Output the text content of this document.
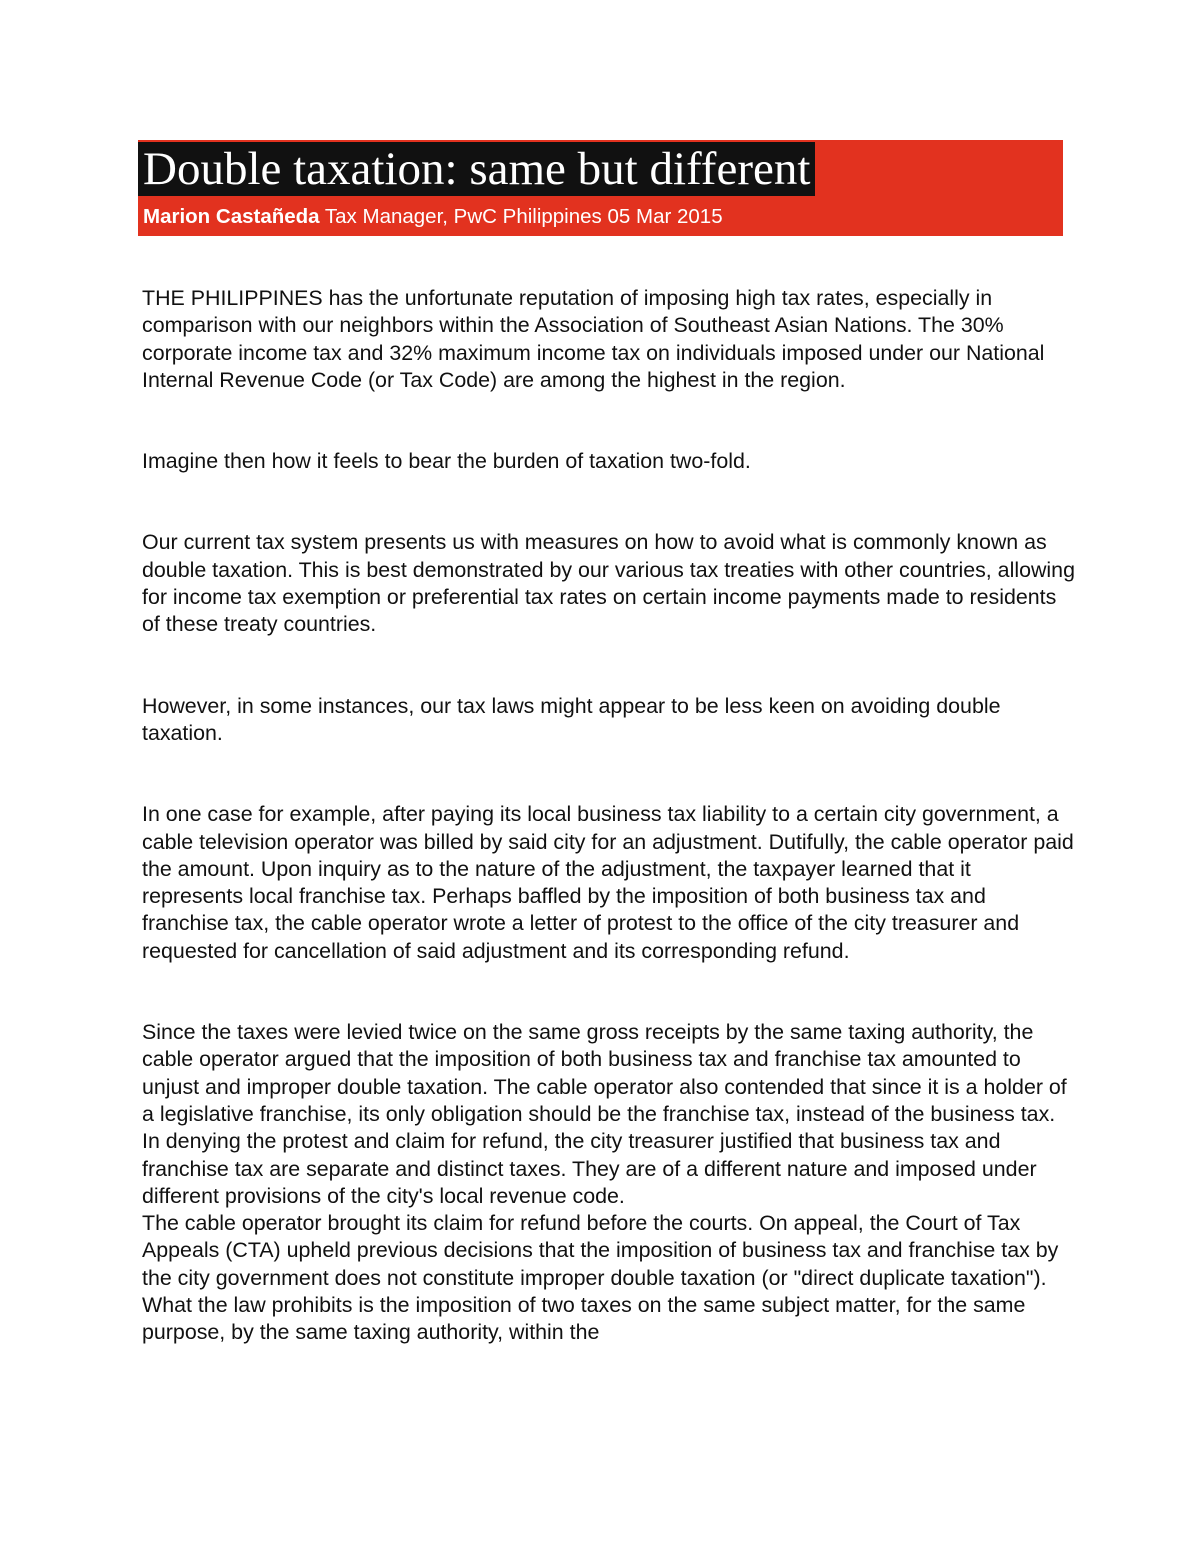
Double taxation: same but different
Marion Castañeda Tax Manager, PwC Philippines 05 Mar 2015

THE PHILIPPINES has the unfortunate reputation of imposing high tax rates, especially in comparison with our neighbors within the Association of Southeast Asian Nations. The 30% corporate income tax and 32% maximum income tax on individuals imposed under our National Internal Revenue Code (or Tax Code) are among the highest in the region.

Imagine then how it feels to bear the burden of taxation two-fold.

Our current tax system presents us with measures on how to avoid what is commonly known as double taxation. This is best demonstrated by our various tax treaties with other countries, allowing for income tax exemption or preferential tax rates on certain income payments made to residents of these treaty countries.

However, in some instances, our tax laws might appear to be less keen on avoiding double taxation.

In one case for example, after paying its local business tax liability to a certain city government, a cable television operator was billed by said city for an adjustment. Dutifully, the cable operator paid the amount. Upon inquiry as to the nature of the adjustment, the taxpayer learned that it represents local franchise tax. Perhaps baffled by the imposition of both business tax and franchise tax, the cable operator wrote a letter of protest to the office of the city treasurer and requested for cancellation of said adjustment and its corresponding refund.

Since the taxes were levied twice on the same gross receipts by the same taxing authority, the cable operator argued that the imposition of both business tax and franchise tax amounted to unjust and improper double taxation. The cable operator also contended that since it is a holder of a legislative franchise, its only obligation should be the franchise tax, instead of the business tax.

In denying the protest and claim for refund, the city treasurer justified that business tax and franchise tax are separate and distinct taxes. They are of a different nature and imposed under different provisions of the city's local revenue code.

The cable operator brought its claim for refund before the courts. On appeal, the Court of Tax Appeals (CTA) upheld previous decisions that the imposition of business tax and franchise tax by the city government does not constitute improper double taxation (or "direct duplicate taxation"). What the law prohibits is the imposition of two taxes on the same subject matter, for the same purpose, by the same taxing authority, within the
